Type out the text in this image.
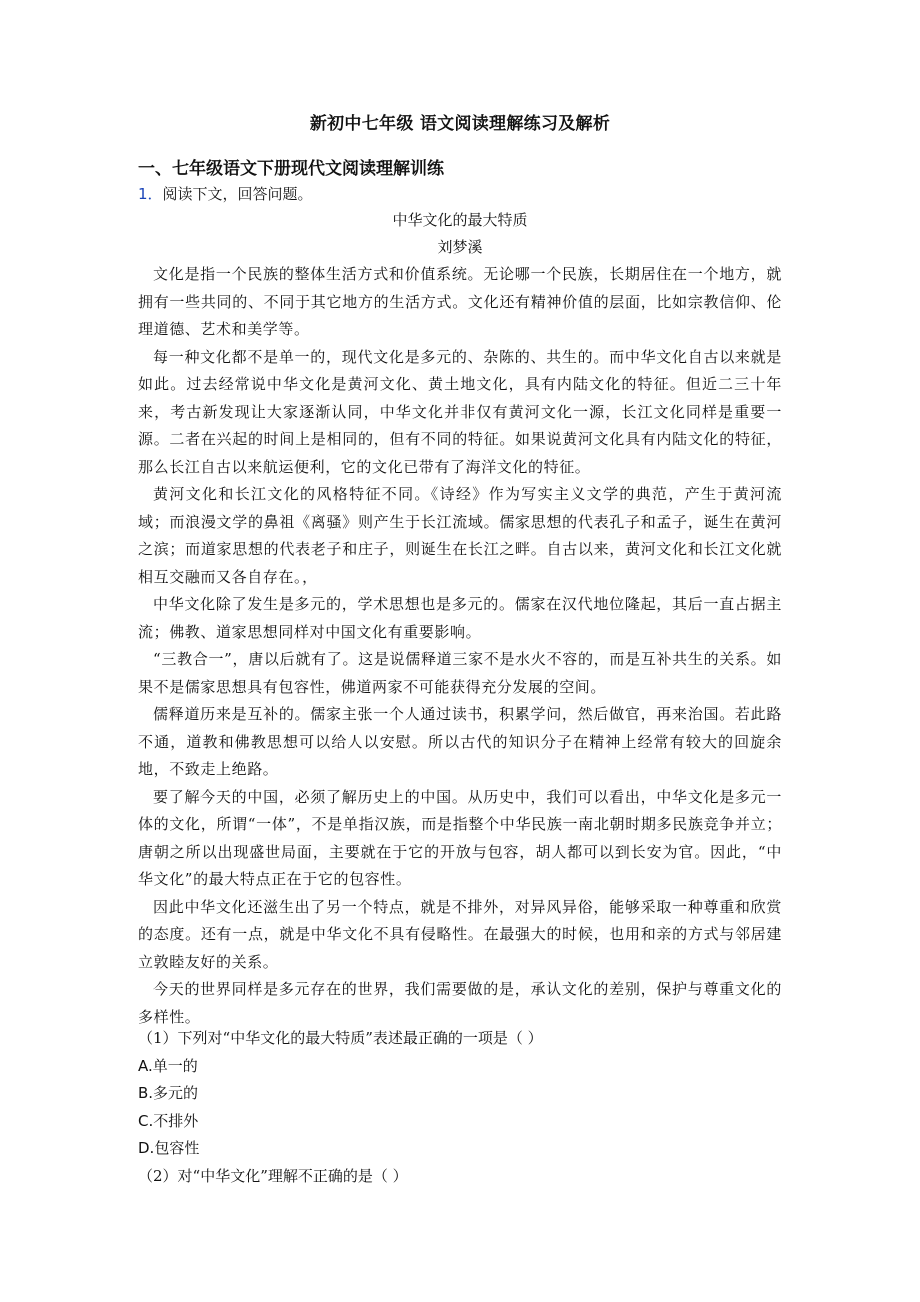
新初中七年级 语文阅读理解练习及解析
一、七年级语文下册现代文阅读理解训练
1．阅读下文，回答问题。
中华文化的最大特质
刘梦溪

文化是指一个民族的整体生活方式和价值系统。无论哪一个民族，长期居住在一个地方，就拥有一些共同的、不同于其它地方的生活方式。文化还有精神价值的层面，比如宗教信仰、伦理道德、艺术和美学等。

每一种文化都不是单一的，现代文化是多元的、杂陈的、共生的。而中华文化自古以来就是如此。过去经常说中华文化是黄河文化、黄土地文化，具有内陆文化的特征。但近二三十年来，考古新发现让大家逐渐认同，中华文化并非仅有黄河文化一源，长江文化同样是重要一源。二者在兴起的时间上是相同的，但有不同的特征。如果说黄河文化具有内陆文化的特征，那么长江自古以来航运便利，它的文化已带有了海洋文化的特征。

黄河文化和长江文化的风格特征不同。《诗经》作为写实主义文学的典范，产生于黄河流域；而浪漫文学的鼻祖《离骚》则产生于长江流域。儒家思想的代表孔子和孟子，诞生在黄河之滨；而道家思想的代表老子和庄子，则诞生在长江之畔。自古以来，黄河文化和长江文化就相互交融而又各自存在。，

中华文化除了发生是多元的，学术思想也是多元的。儒家在汉代地位隆起，其后一直占据主流；佛教、道家思想同样对中国文化有重要影响。

“三教合一”，唐以后就有了。这是说儒释道三家不是水火不容的，而是互补共生的关系。如果不是儒家思想具有包容性，佛道两家不可能获得充分发展的空间。

儒释道历来是互补的。儒家主张一个人通过读书，积累学问，然后做官，再来治国。若此路不通，道教和佛教思想可以给人以安慰。所以古代的知识分子在精神上经常有较大的回旋余地，不致走上绝路。

要了解今天的中国，必须了解历史上的中国。从历史中，我们可以看出，中华文化是多元一体的文化，所谓“一体”，不是单指汉族，而是指整个中华民族一南北朝时期多民族竞争并立；唐朝之所以出现盛世局面，主要就在于它的开放与包容，胡人都可以到长安为官。因此，“中华文化”的最大特点正在于它的包容性。

因此中华文化还滋生出了另一个特点，就是不排外，对异风异俗，能够采取一种尊重和欣赏的态度。还有一点，就是中华文化不具有侵略性。在最强大的时候，也用和亲的方式与邻居建立敦睦友好的关系。

今天的世界同样是多元存在的世界，我们需要做的是，承认文化的差别，保护与尊重文化的多样性。

（1）下列对“中华文化的最大特质”表述最正确的一项是（ ）

A.单一的

B.多元的

C.不排外

D.包容性

（2）对“中华文化”理解不正确的是（ ）
